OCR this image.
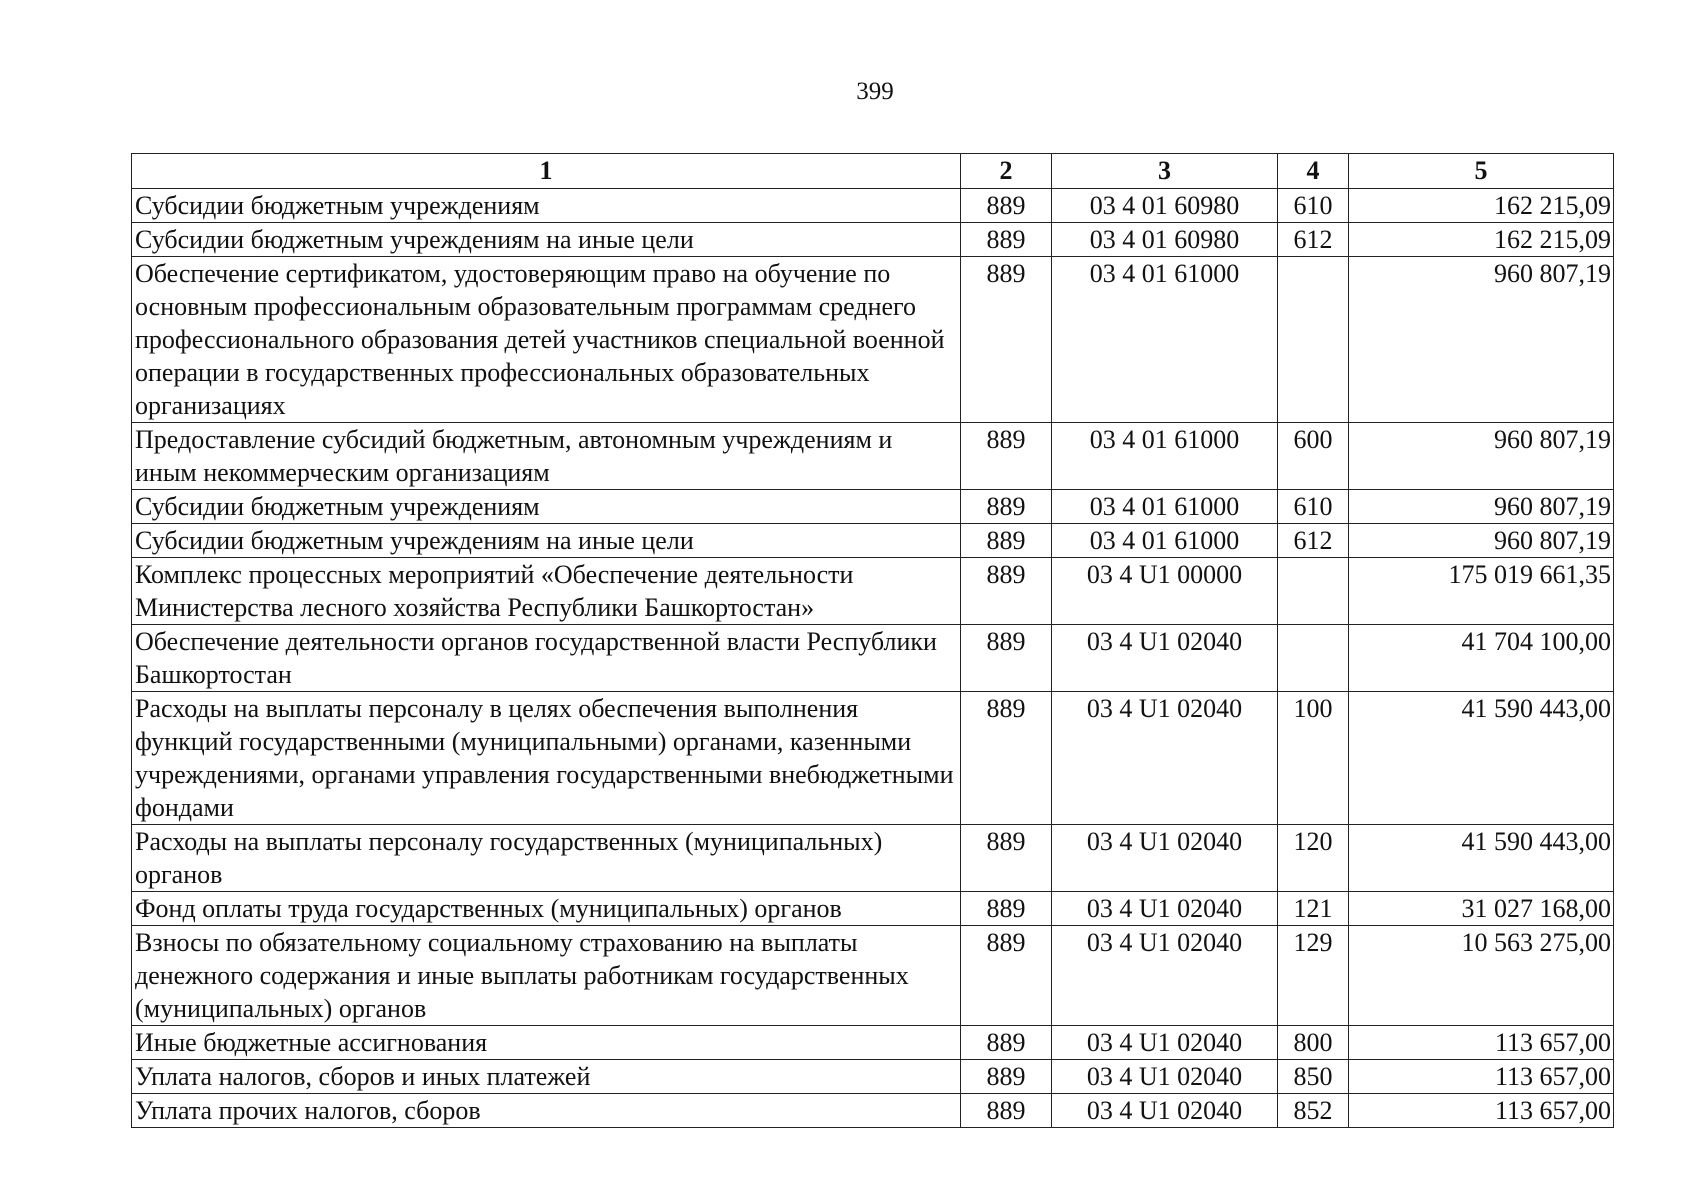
399
1	2	3	4	5
Субсидии бюджетным учреждениям	889	03 4 01 60980	610	162 215,09
Субсидии бюджетным учреждениям на иные цели	889	03 4 01 60980	612	162 215,09
Обеспечение сертификатом, удостоверяющим право на обучение по основным профессиональным образовательным программам среднего профессионального образования детей участников специальной военной операции в государственных профессиональных образовательных организациях	889	03 4 01 61000		960 807,19
Предоставление субсидий бюджетным, автономным учреждениям и иным некоммерческим организациям	889	03 4 01 61000	600	960 807,19
Субсидии бюджетным учреждениям	889	03 4 01 61000	610	960 807,19
Субсидии бюджетным учреждениям на иные цели	889	03 4 01 61000	612	960 807,19
Комплекс процессных мероприятий «Обеспечение деятельности Министерства лесного хозяйства Республики Башкортостан»	889	03 4 U1 00000		175 019 661,35
Обеспечение деятельности органов государственной власти Республики Башкортостан	889	03 4 U1 02040		41 704 100,00
Расходы на выплаты персоналу в целях обеспечения выполнения функций государственными (муниципальными) органами, казенными учреждениями, органами управления государственными внебюджетными фондами	889	03 4 U1 02040	100	41 590 443,00
Расходы на выплаты персоналу государственных (муниципальных) органов	889	03 4 U1 02040	120	41 590 443,00
Фонд оплаты труда государственных (муниципальных) органов	889	03 4 U1 02040	121	31 027 168,00
Взносы по обязательному социальному страхованию на выплаты денежного содержания и иные выплаты работникам государственных (муниципальных) органов	889	03 4 U1 02040	129	10 563 275,00
Иные бюджетные ассигнования	889	03 4 U1 02040	800	113 657,00
Уплата налогов, сборов и иных платежей	889	03 4 U1 02040	850	113 657,00
Уплата прочих налогов, сборов	889	03 4 U1 02040	852	113 657,00
